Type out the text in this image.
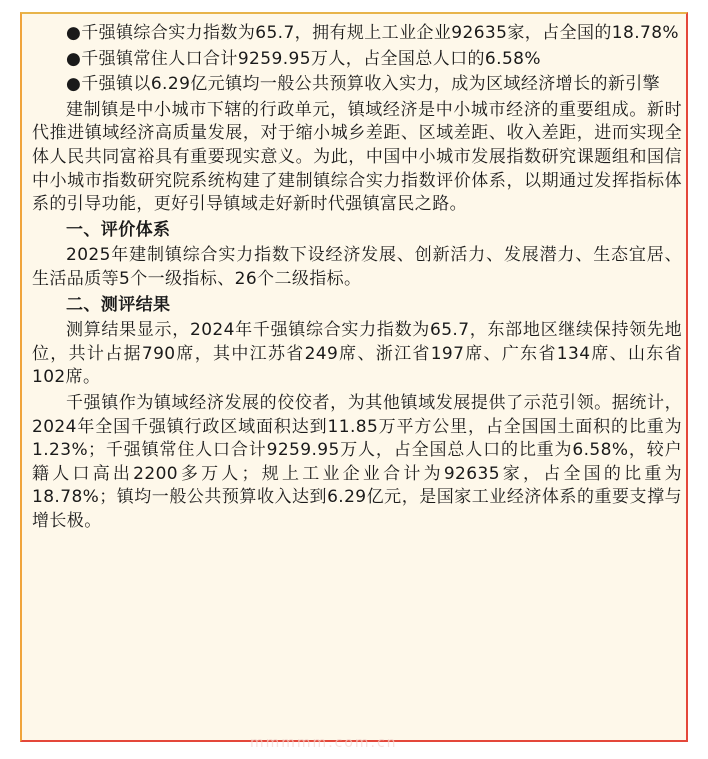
●千强镇综合实力指数为65.7，拥有规上工业企业92635家，占全国的18.78%

●千强镇常住人口合计9259.95万人，占全国总人口的6.58%

●千强镇以6.29亿元镇均一般公共预算收入实力，成为区域经济增长的新引擎

建制镇是中小城市下辖的行政单元，镇域经济是中小城市经济的重要组成。新时代推进镇域经济高质量发展，对于缩小城乡差距、区域差距、收入差距，进而实现全体人民共同富裕具有重要现实意义。为此，中国中小城市发展指数研究课题组和国信中小城市指数研究院系统构建了建制镇综合实力指数评价体系，以期通过发挥指标体系的引导功能，更好引导镇域走好新时代强镇富民之路。

一、评价体系

2025年建制镇综合实力指数下设经济发展、创新活力、发展潜力、生态宜居、生活品质等5个一级指标、26个二级指标。

二、测评结果

测算结果显示，2024年千强镇综合实力指数为65.7，东部地区继续保持领先地位，共计占据790席，其中江苏省249席、浙江省197席、广东省134席、山东省102席。

千强镇作为镇域经济发展的佼佼者，为其他镇域发展提供了示范引领。据统计，2024年全国千强镇行政区域面积达到11.85万平方公里，占全国国土面积的比重为1.23%；千强镇常住人口合计9259.95万人，占全国总人口的比重为6.58%，较户籍人口高出2200多万人；规上工业企业合计为92635家，占全国的比重为18.78%；镇均一般公共预算收入达到6.29亿元，是国家工业经济体系的重要支撑与增长极。

mmmmm.com.cn
